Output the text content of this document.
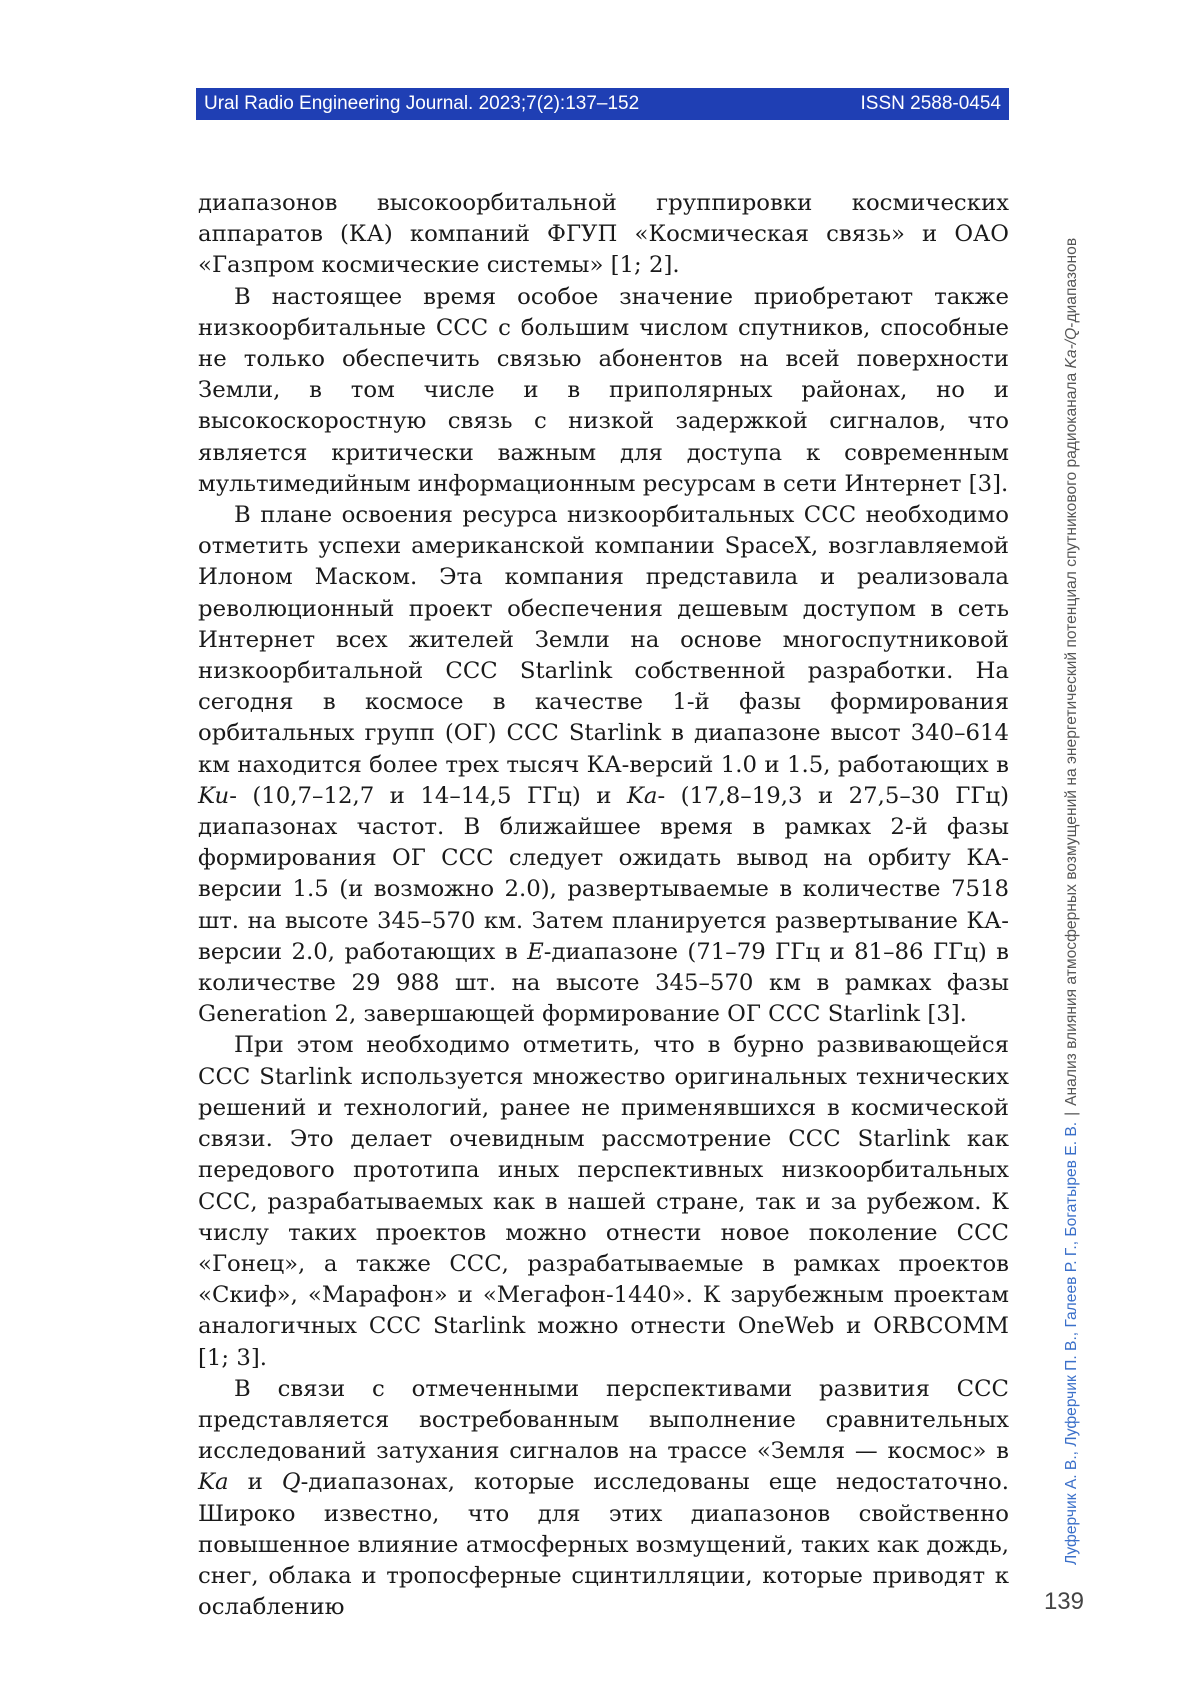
Ural Radio Engineering Journal. 2023;7(2):137–152	ISSN 2588-0454

диапазонов высокоорбитальной группировки космических аппаратов (КА) компаний ФГУП «Космическая связь» и ОАО «Газпром космические системы» [1; 2].

В настоящее время особое значение приобретают также низкоорбитальные ССС с большим числом спутников, способные не только обеспечить связью абонентов на всей поверхности Земли, в том числе и в приполярных районах, но и высокоскоростную связь с низкой задержкой сигналов, что является критически важным для доступа к современным мультимедийным информационным ресурсам в сети Интернет [3].

В плане освоения ресурса низкоорбитальных ССС необходимо отметить успехи американской компании SpaceX, возглавляемой Илоном Маском. Эта компания представила и реализовала революционный проект обеспечения дешевым доступом в сеть Интернет всех жителей Земли на основе многоспутниковой низкоорбитальной ССС Starlink собственной разработки. На сегодня в космосе в качестве 1-й фазы формирования орбитальных групп (ОГ) ССС Starlink в диапазоне высот 340–614 км находится более трех тысяч КА-версий 1.0 и 1.5, работающих в Ku- (10,7–12,7 и 14–14,5 ГГц) и Ka- (17,8–19,3 и 27,5–30 ГГц) диапазонах частот. В ближайшее время в рамках 2-й фазы формирования ОГ ССС следует ожидать вывод на орбиту КА-версии 1.5 (и возможно 2.0), развертываемые в количестве 7518 шт. на высоте 345–570 км. Затем планируется развертывание КА-версии 2.0, работающих в E-диапазоне (71–79 ГГц и 81–86 ГГц) в количестве 29 988 шт. на высоте 345–570 км в рамках фазы Generation 2, завершающей формирование ОГ ССС Starlink [3].

При этом необходимо отметить, что в бурно развивающейся ССС Starlink используется множество оригинальных технических решений и технологий, ранее не применявшихся в космической связи. Это делает очевидным рассмотрение ССС Starlink как передового прототипа иных перспективных низкоорбитальных ССС, разрабатываемых как в нашей стране, так и за рубежом. К числу таких проектов можно отнести новое поколение ССС «Гонец», а также ССС, разрабатываемые в рамках проектов «Скиф», «Марафон» и «Мегафон-1440». К зарубежным проектам аналогичных ССС Starlink можно отнести OneWeb и ORBCOMM [1; 3].

В связи с отмеченными перспективами развития ССС представляется востребованным выполнение сравнительных исследований затухания сигналов на трассе «Земля — космос» в Ka и Q-диапазонах, которые исследованы еще недостаточно. Широко известно, что для этих диапазонов свойственно повышенное влияние атмосферных возмущений, таких как дождь, снег, облака и тропосферные сцинтилляции, которые приводят к ослаблению

Луферчик А. В., Луферчик П. В., Галеев Р. Г., Богатырев Е. В.|Анализ влияния атмосферных возмущений на энергетический потенциал спутникового радиоканала Ka-/Q-диапазонов
139
